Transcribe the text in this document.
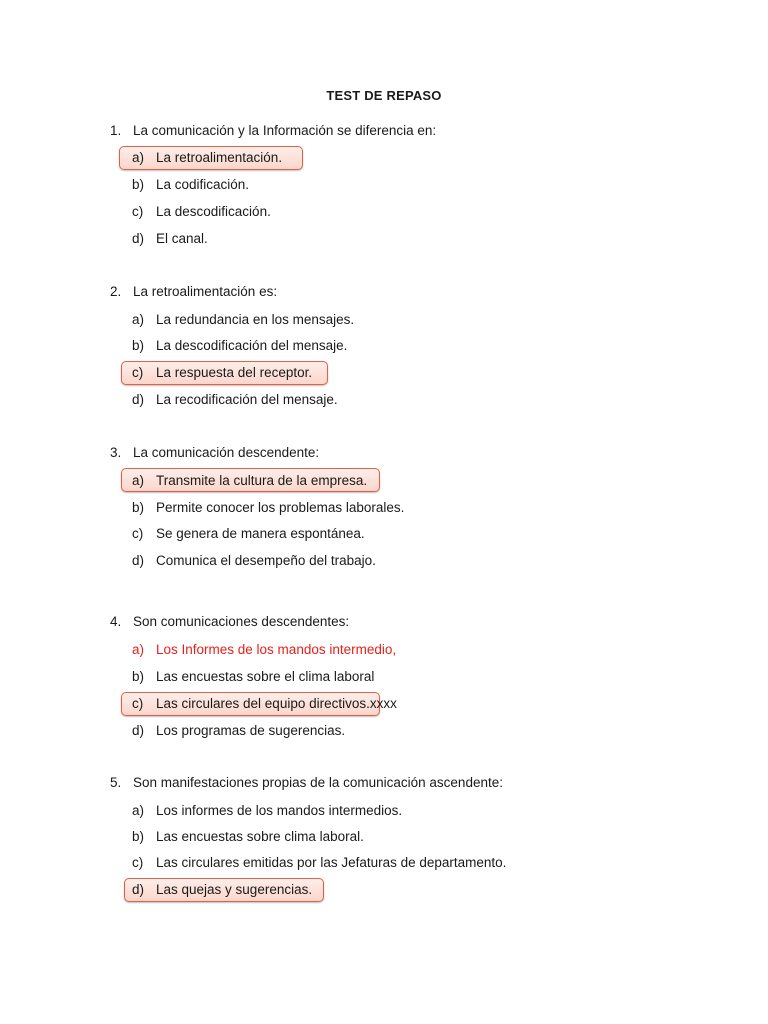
TEST DE REPASO
1. La comunicación y la Información se diferencia en:
a) La retroalimentación.
b) La codificación.
c) La descodificación.
d) El canal.
2. La retroalimentación es:
a) La redundancia en los mensajes.
b) La descodificación del mensaje.
c) La respuesta del receptor.
d) La recodificación del mensaje.
3. La comunicación descendente:
a) Transmite la cultura de la empresa.
b) Permite conocer los problemas laborales.
c) Se genera de manera espontánea.
d) Comunica el desempeño del trabajo.
4. Son comunicaciones descendentes:
a) Los Informes de los mandos intermedio,
b) Las encuestas sobre el clima laboral
c) Las circulares del equipo directivos.xxxx
d) Los programas de sugerencias.
5. Son manifestaciones propias de la comunicación ascendente:
a) Los informes de los mandos intermedios.
b) Las encuestas sobre clima laboral.
c) Las circulares emitidas por las Jefaturas de departamento.
d) Las quejas y sugerencias.
